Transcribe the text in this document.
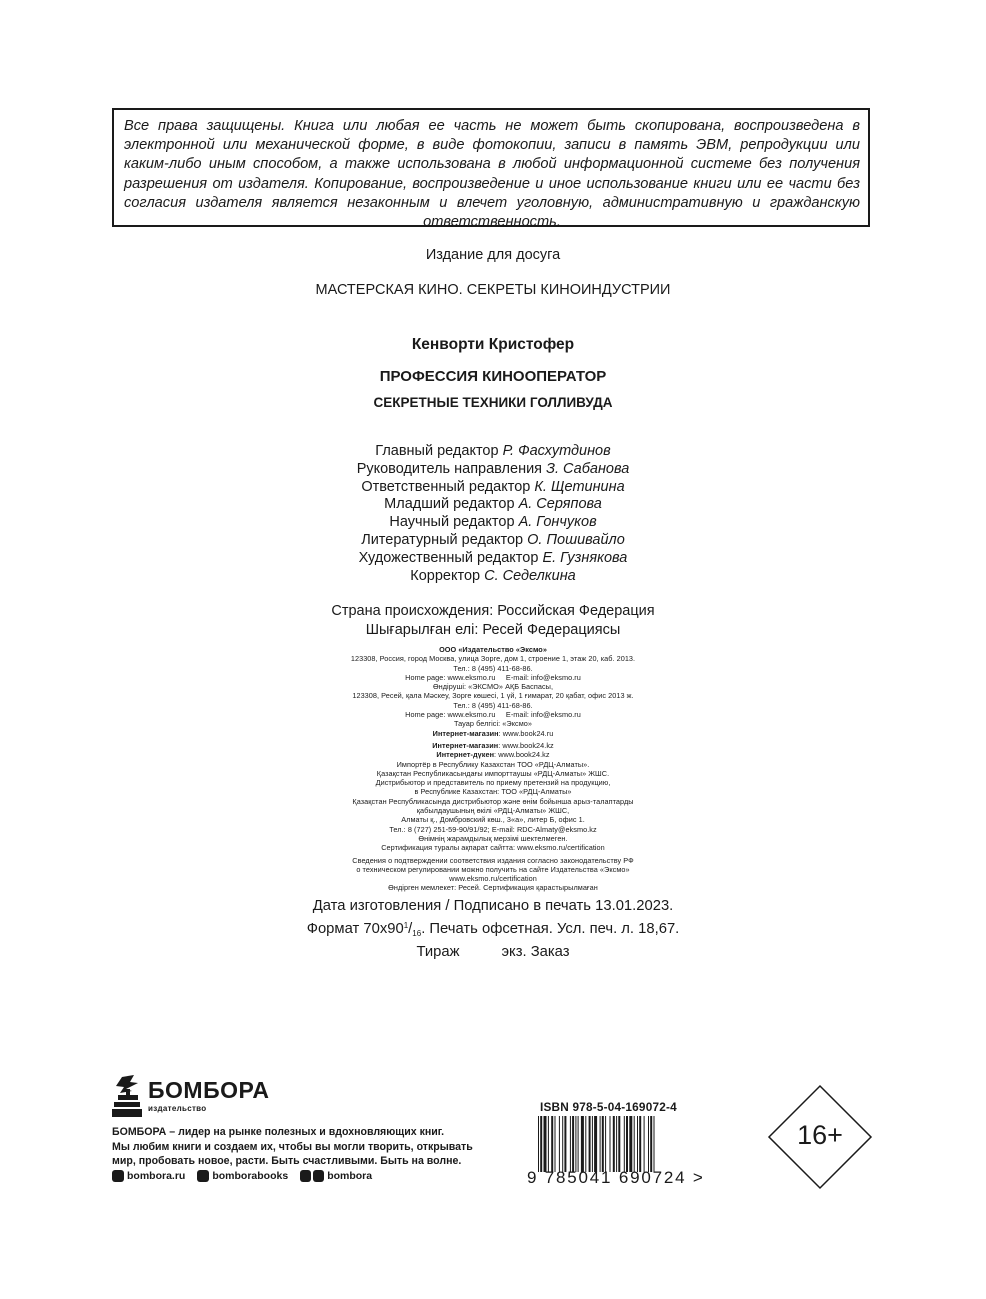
Все права защищены. Книга или любая ее часть не может быть скопирована, воспроизведена в электронной или механической форме, в виде фотокопии, записи в память ЭВМ, репродукции или каким-либо иным способом, а также использована в любой информационной системе без получения разрешения от издателя. Копирование, воспроизведение и иное использование книги или ее части без согласия издателя является незаконным и влечет уголовную, административную и гражданскую ответственность.

Издание для досуга
МАСТЕРСКАЯ КИНО. СЕКРЕТЫ КИНОИНДУСТРИИ
Кенворти Кристофер
ПРОФЕССИЯ КИНООПЕРАТОР
СЕКРЕТНЫЕ ТЕХНИКИ ГОЛЛИВУДА
Главный редактор Р. Фасхутдинов
Руководитель направления З. Сабанова
Ответственный редактор К. Щетинина
Младший редактор А. Серяпова
Научный редактор А. Гончуков
Литературный редактор О. Пошивайло
Художественный редактор Е. Гузнякова
Корректор С. Седелкина
Страна происхождения: Российская Федерация
Шығарылған елі: Ресей Федерациясы
ООО «Издательство «Эксмо»
123308, Россия, город Москва, улица Зорге, дом 1, строение 1, этаж 20, каб. 2013.
Тел.: 8 (495) 411-68-86.
Home page: www.eksmo.ru     E-mail: info@eksmo.ru
Өндіруші: «ЭКСМО» АҚБ Баспасы,
123308, Ресей, қала Мәскеу, Зорге көшесі, 1 үй, 1 ғимарат, 20 қабат, офис 2013 ж.
Тел.: 8 (495) 411-68-86.
Home page: www.eksmo.ru     E-mail: info@eksmo.ru
Тауар белгісі: «Эксмо»
Интернет-магазин: www.book24.ru
Интернет-магазин: www.book24.kz
Интернет-дүкен: www.book24.kz
Импортёр в Республику Казахстан ТОО «РДЦ-Алматы».
Қазақстан Республикасындағы импорттаушы «РДЦ-Алматы» ЖШС.
Дистрибьютор и представитель по приему претензий на продукцию,
в Республике Казахстан: ТОО «РДЦ-Алматы»
Қазақстан Республикасында дистрибьютор және өнім бойынша арыз-талаптарды
қабылдаушының өкілі «РДЦ-Алматы» ЖШС,
Алматы қ., Домбровский көш., 3«а», литер Б, офис 1.
Тел.: 8 (727) 251-59-90/91/92; E-mail: RDC-Almaty@eksmo.kz
Өнімнің жарамдылық мерзімі шектелмеген.
Сертификация туралы ақпарат сайтта: www.eksmo.ru/certification
Сведения о подтверждении соответствия издания согласно законодательству РФ
о техническом регулировании можно получить на сайте Издательства «Эксмо»
www.eksmo.ru/certification
Өндірген мемлекет: Ресей. Сертификация қарастырылмаған
Дата изготовления / Подписано в печать 13.01.2023.
Формат $70x90^1/_{16}$. Печать офсетная. Усл. печ. л. 18,67.
Тираж	экз. Заказ
БОМБОРА
издательство
БОМБОРА – лидер на рынке полезных и вдохновляющих книг.
Мы любим книги и создаем их, чтобы вы могли творить, открывать
мир, пробовать новое, расти. Быть счастливыми. Быть на волне.
bombora.ru	bomborabooks	bombora
ISBN 978-5-04-169072-4
9 785041 690724 >
16+
